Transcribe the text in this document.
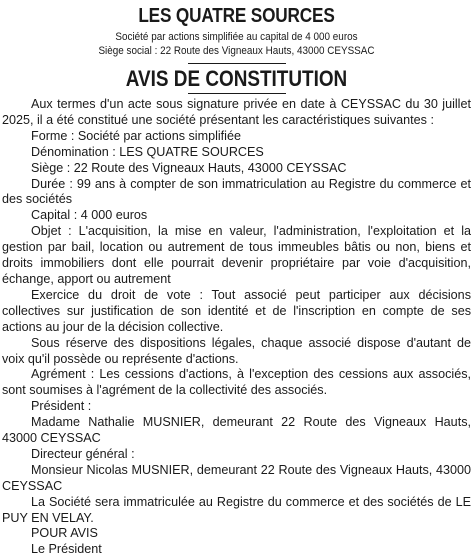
LES QUATRE SOURCES
Société par actions simplifiée au capital de 4 000 euros
Siège social : 22 Route des Vigneaux Hauts, 43000 CEYSSAC
AVIS DE CONSTITUTION

Aux termes d'un acte sous signature privée en date à CEYSSAC du 30 juillet 2025, il a été constitué une société présentant les caractéristiques suivantes :

Forme : Société par actions simplifiée

Dénomination : LES QUATRE SOURCES

Siège : 22 Route des Vigneaux Hauts, 43000 CEYSSAC

Durée : 99 ans à compter de son immatriculation au Registre du commerce et des sociétés

Capital : 4 000 euros

Objet : L'acquisition, la mise en valeur, l'administration, l'exploitation et la gestion par bail, location ou autrement de tous immeubles bâtis ou non, biens et droits immobiliers dont elle pourrait devenir propriétaire par voie d'acquisition, échange, apport ou autrement

Exercice du droit de vote : Tout associé peut participer aux décisions collectives sur justification de son identité et de l'inscription en compte de ses actions au jour de la décision collective.

Sous réserve des dispositions légales, chaque associé dispose d'autant de voix qu'il possède ou représente d'actions.

Agrément : Les cessions d'actions, à l'exception des cessions aux associés, sont soumises à l'agrément de la collectivité des associés.

Président :

Madame Nathalie MUSNIER, demeurant 22 Route des Vigneaux Hauts, 43000 CEYSSAC

Directeur général :

Monsieur Nicolas MUSNIER, demeurant 22 Route des Vigneaux Hauts, 43000 CEYSSAC

La Société sera immatriculée au Registre du commerce et des sociétés de LE PUY EN VELAY.

POUR AVIS

Le Président
